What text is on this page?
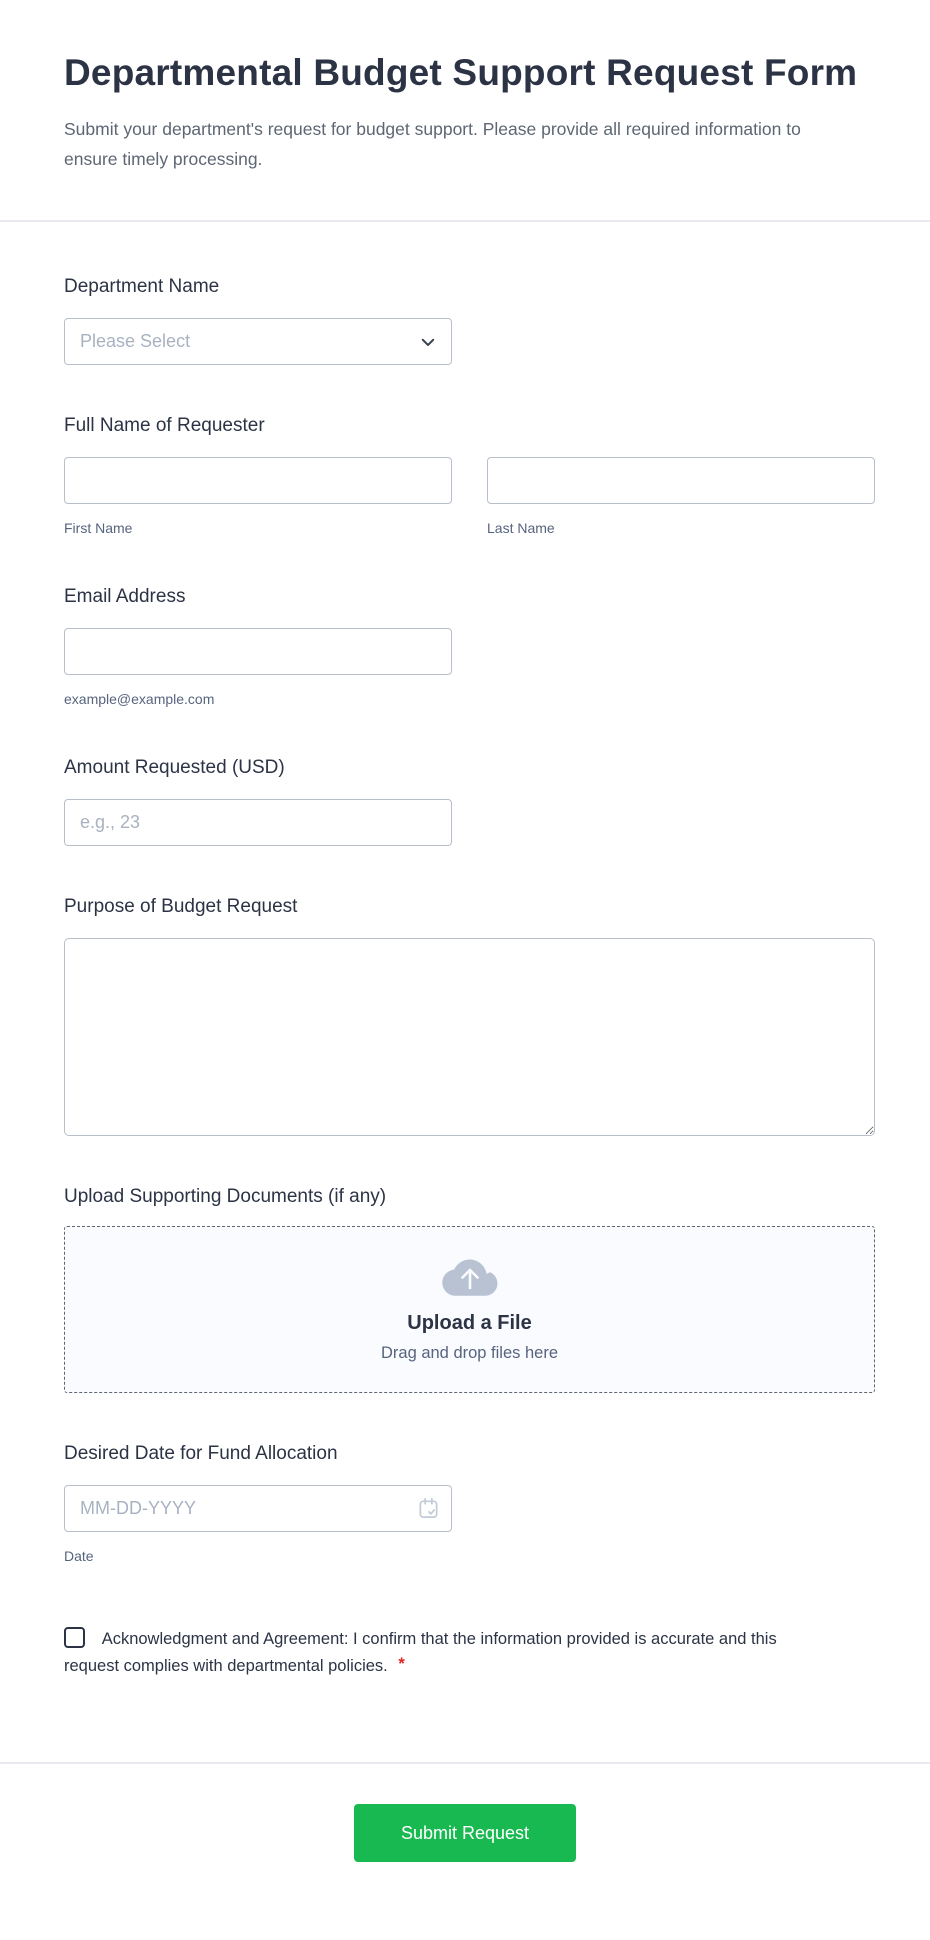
Departmental Budget Support Request Form

Submit your department's request for budget support. Please provide all required information to ensure timely processing.

Department Name
Please Select
Full Name of Requester
First Name	Last Name
Email Address
example@example.com
Amount Requested (USD)
e.g., 23
Purpose of Budget Request
Upload Supporting Documents (if any)
Upload a File
Drag and drop files here
Desired Date for Fund Allocation
MM-DD-YYYY
Date
Acknowledgment and Agreement: I confirm that the information provided is accurate and this request complies with departmental policies. *
Submit Request
